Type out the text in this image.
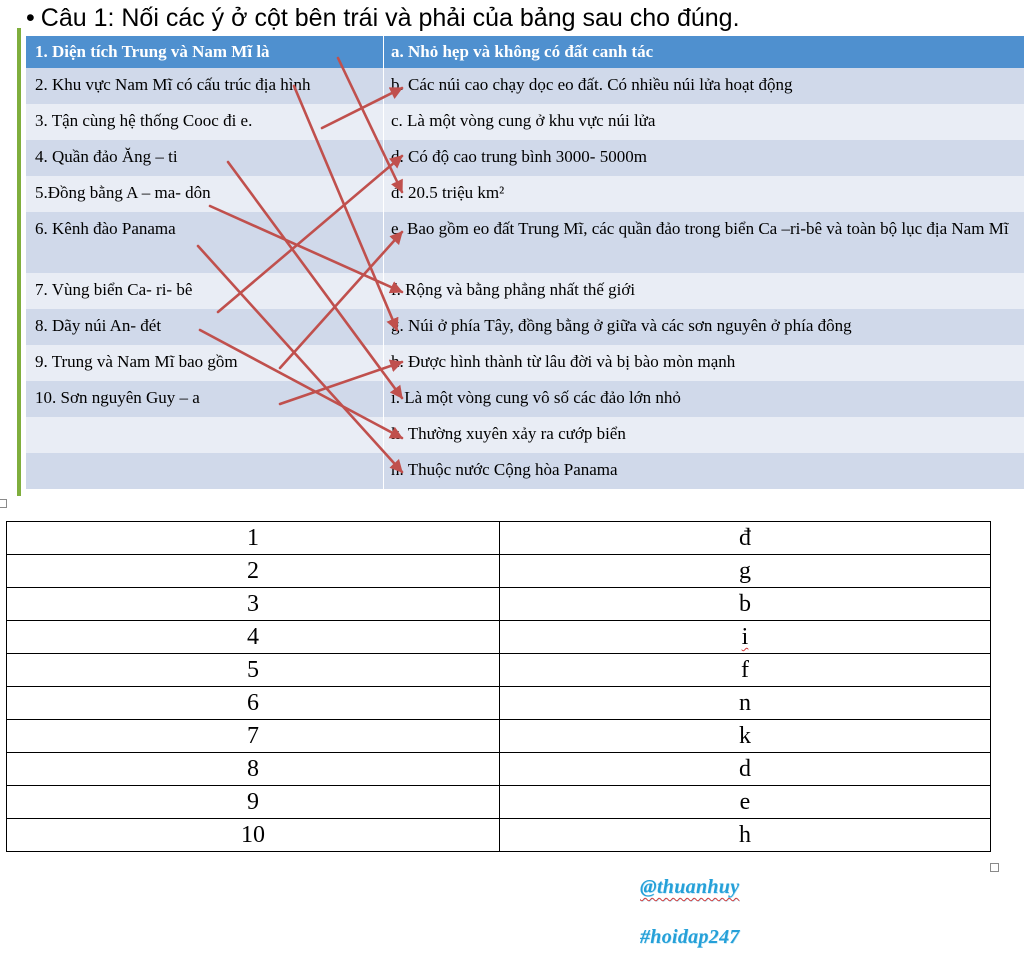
• Câu 1: Nối các ý ở cột bên trái và phải của bảng sau cho đúng.
1. Diện tích Trung và Nam Mĩ là	a. Nhỏ hẹp và không có đất canh tác
2. Khu vực Nam Mĩ có cấu trúc địa hình	b. Các núi cao chạy dọc eo đất. Có nhiều núi lửa hoạt động
3. Tận cùng hệ thống Cooc đi e.	c. Là một vòng cung ở khu vực núi lửa
4. Quần đảo Ăng – ti	d. Có độ cao trung bình 3000- 5000m
5.Đồng bằng A – ma- dôn	đ. 20.5 triệu km²
6. Kênh đào Panama	e. Bao gồm eo đất Trung Mĩ, các quần đảo trong biển Ca –ri-bê và toàn bộ lục địa Nam Mĩ
7. Vùng biển Ca- ri- bê	f. Rộng và bằng phẳng nhất thế giới
8. Dãy núi An- đét	g. Núi ở phía Tây, đồng bằng ở giữa và các sơn nguyên ở phía đông
9. Trung và Nam Mĩ bao gồm	h. Được hình thành từ lâu đời và bị bào mòn mạnh
10. Sơn nguyên Guy – a	i. Là một vòng cung vô số các đảo lớn nhỏ
k. Thường xuyên xảy ra cướp biển
n. Thuộc nước Cộng hòa Panama
1	đ
2	g
3	b
4	i
5	f
6	n
7	k
8	d
9	e
10	h
@thuanhuy
#hoidap247
